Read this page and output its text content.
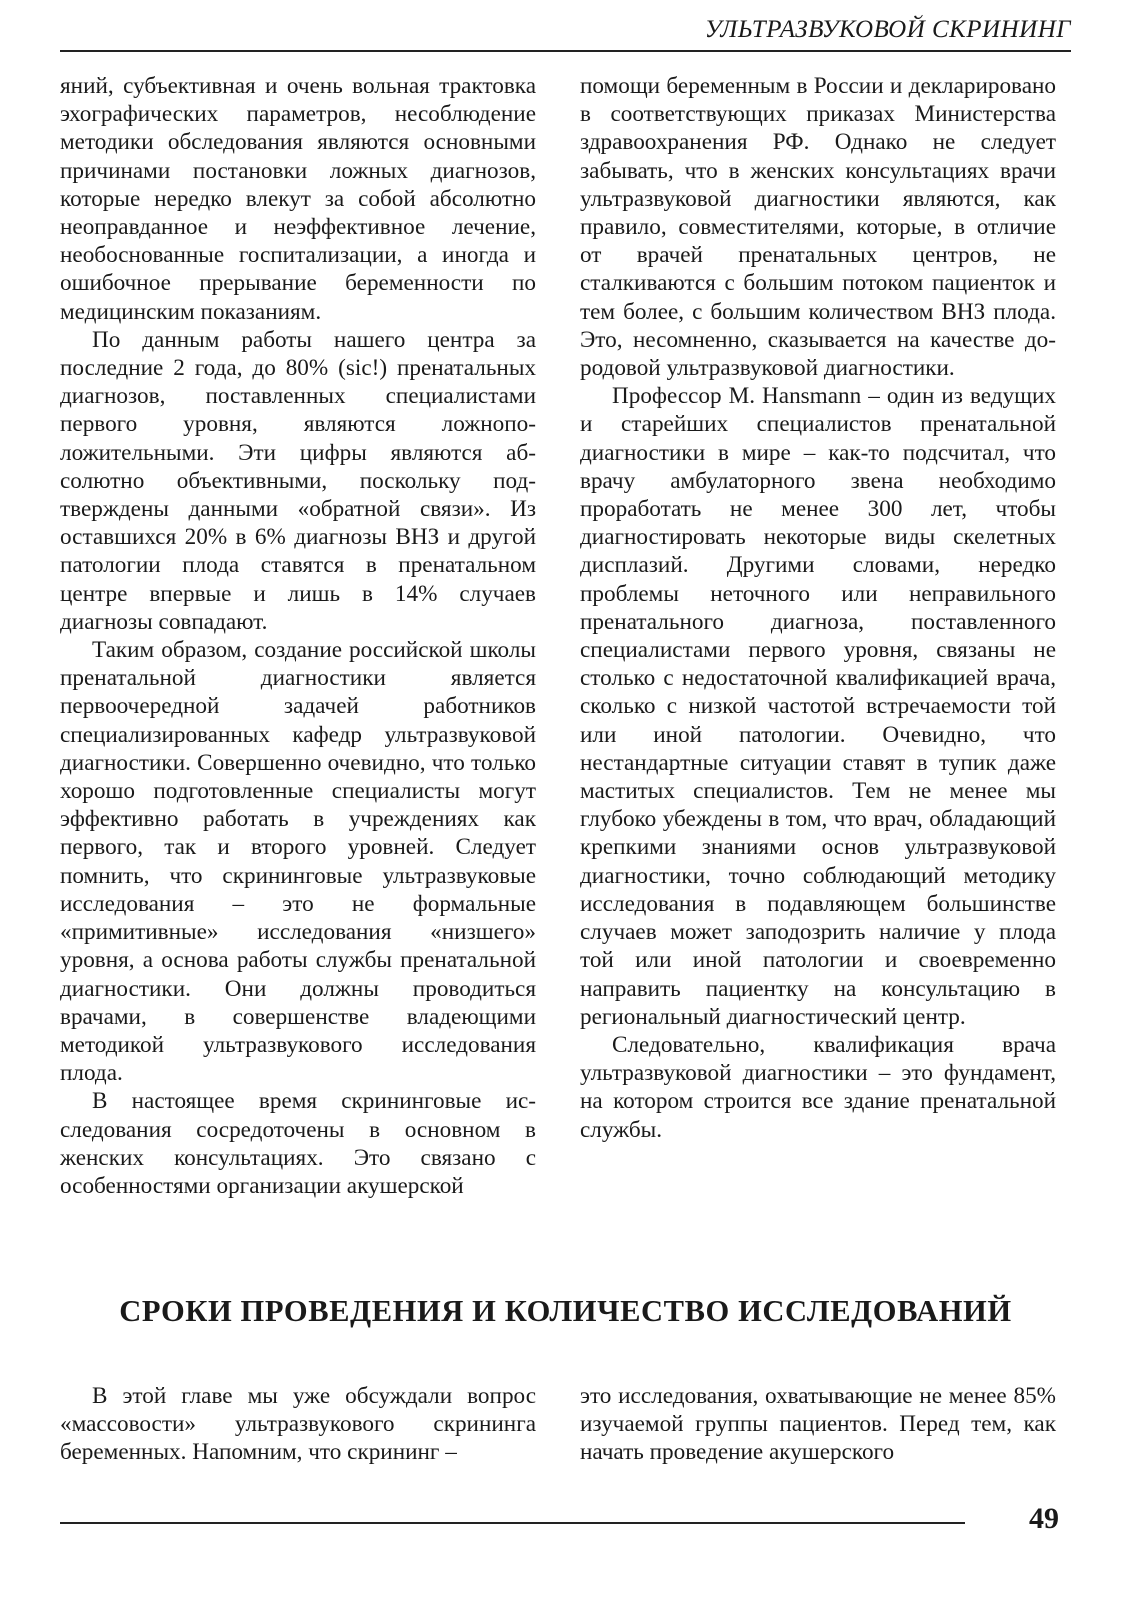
УЛЬТРАЗВУКОВОЙ СКРИНИНГ

яний, субъективная и очень вольная трактовка эхографических параметров, несоблюдение методики обследования являются основными причинами постановки ложных диагнозов, которые нередко влекут за собой абсолютно неоправданное и неэффективное лечение, необоснованные госпитализации, а иногда и ошибочное прерывание беременности по медицинским показаниям.

По данным работы нашего центра за последние 2 года, до 80% (sic!) пренатальных диагнозов, поставленных специалистами первого уровня, являются ложноположительными. Эти цифры являются абсолютно объективными, поскольку подтверждены данными «обратной связи». Из оставшихся 20% в 6% диагнозы ВНЗ и другой патологии плода ставятся в пренатальном центре впервые и лишь в 14% случаев диагнозы совпадают.

Таким образом, создание российской школы пренатальной диагностики является первоочередной задачей работников специализированных кафедр ультразвуковой диагностики. Совершенно очевидно, что только хорошо подготовленные специалисты могут эффективно работать в учреждениях как первого, так и второго уровней. Следует помнить, что скрининговые ультразвуковые исследования – это не формальные «примитивные» исследования «низшего» уровня, а основа работы службы пренатальной диагностики. Они должны проводиться врачами, в совершенстве владеющими методикой ультразвукового исследования плода.

В настоящее время скрининговые исследования сосредоточены в основном в женских консультациях. Это связано с особенностями организации акушерской

помощи беременным в России и декларировано в соответствующих приказах Министерства здравоохранения РФ. Однако не следует забывать, что в женских консультациях врачи ультразвуковой диагностики являются, как правило, совместителями, которые, в отличие от врачей пренатальных центров, не сталкиваются с большим потоком пациенток и тем более, с большим количеством ВНЗ плода. Это, несомненно, сказывается на качестве дородовой ультразвуковой диагностики.

Профессор M. Hansmann – один из ведущих и старейших специалистов пренатальной диагностики в мире – как-то подсчитал, что врачу амбулаторного звена необходимо проработать не менее 300 лет, чтобы диагностировать некоторые виды скелетных дисплазий. Другими словами, нередко проблемы неточного или неправильного пренатального диагноза, поставленного специалистами первого уровня, связаны не столько с недостаточной квалификацией врача, сколько с низкой частотой встречаемости той или иной патологии. Очевидно, что нестандартные ситуации ставят в тупик даже маститых специалистов. Тем не менее мы глубоко убеждены в том, что врач, обладающий крепкими знаниями основ ультразвуковой диагностики, точно соблюдающий методику исследования в подавляющем большинстве случаев может заподозрить наличие у плода той или иной патологии и своевременно направить пациентку на консультацию в региональный диагностический центр.

Следовательно, квалификация врача ультразвуковой диагностики – это фундамент, на котором строится все здание пренатальной службы.

СРОКИ ПРОВЕДЕНИЯ И КОЛИЧЕСТВО ИССЛЕДОВАНИЙ

В этой главе мы уже обсуждали вопрос «массовости» ультразвукового скрининга беременных. Напомним, что скрининг –

это исследования, охватывающие не менее 85% изучаемой группы пациентов. Перед тем, как начать проведение акушерского

49
